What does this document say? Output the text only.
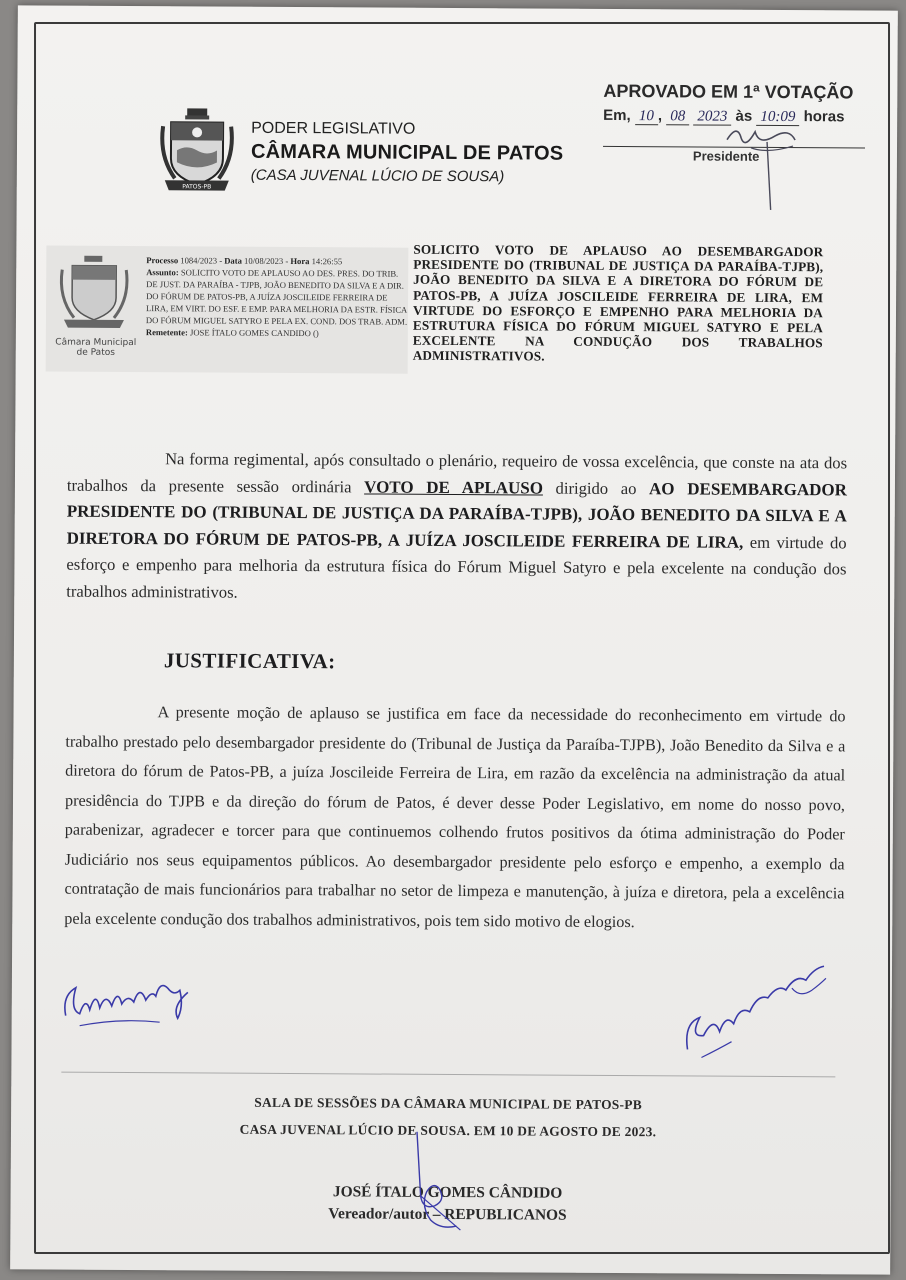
PATOS-PB
PODER LEGISLATIVO
CÂMARA MUNICIPAL DE PATOS
(CASA JUVENAL LÚCIO DE SOUSA)
APROVADO EM 1ª VOTAÇÃO
Em, 10 , 08 2023 às 10:09 horas
Presidente
Câmara Municipal
de Patos
Processo 1084/2023 - Data 10/08/2023 - Hora 14:26:55
Assunto: SOLICITO VOTO DE APLAUSO AO DES. PRES. DO TRIB. DE JUST. DA PARAÍBA - TJPB, JOÃO BENEDITO DA SILVA E A DIR. DO FÓRUM DE PATOS-PB, A JUÍZA JOSCILEIDE FERREIRA DE LIRA, EM VIRT. DO ESF. E EMP. PARA MELHORIA DA ESTR. FÍSICA DO FÓRUM MIGUEL SATYRO E PELA EX. COND. DOS TRAB. ADM.
Remetente: JOSE ÍTALO GOMES CANDIDO ()
SOLICITO VOTO DE APLAUSO AO DESEMBARGADOR PRESIDENTE DO (TRIBUNAL DE JUSTIÇA DA PARAÍBA-TJPB), JOÃO BENEDITO DA SILVA E A DIRETORA DO FÓRUM DE PATOS-PB, A JUÍZA JOSCILEIDE FERREIRA DE LIRA, EM VIRTUDE DO ESFORÇO E EMPENHO PARA MELHORIA DA ESTRUTURA FÍSICA DO FÓRUM MIGUEL SATYRO E PELA EXCELENTE NA CONDUÇÃO DOS TRABALHOS ADMINISTRATIVOS.
Na forma regimental, após consultado o plenário, requeiro de vossa excelência, que conste na ata dos trabalhos da presente sessão ordinária VOTO DE APLAUSO dirigido ao AO DESEMBARGADOR PRESIDENTE DO (TRIBUNAL DE JUSTIÇA DA PARAÍBA-TJPB), JOÃO BENEDITO DA SILVA E A DIRETORA DO FÓRUM DE PATOS-PB, A JUÍZA JOSCILEIDE FERREIRA DE LIRA, em virtude do esforço e empenho para melhoria da estrutura física do Fórum Miguel Satyro e pela excelente na condução dos trabalhos administrativos.
JUSTIFICATIVA:
A presente moção de aplauso se justifica em face da necessidade do reconhecimento em virtude do trabalho prestado pelo desembargador presidente do (Tribunal de Justiça da Paraíba-TJPB), João Benedito da Silva e a diretora do fórum de Patos-PB, a juíza Joscileide Ferreira de Lira, em razão da excelência na administração da atual presidência do TJPB e da direção do fórum de Patos, é dever desse Poder Legislativo, em nome do nosso povo, parabenizar, agradecer e torcer para que continuemos colhendo frutos positivos da ótima administração do Poder Judiciário nos seus equipamentos públicos. Ao desembargador presidente pelo esforço e empenho, a exemplo da contratação de mais funcionários para trabalhar no setor de limpeza e manutenção, à juíza e diretora, pela a excelência pela excelente condução dos trabalhos administrativos, pois tem sido motivo de elogios.
SALA DE SESSÕES DA CÂMARA MUNICIPAL DE PATOS-PB
CASA JUVENAL LÚCIO DE SOUSA. EM 10 DE AGOSTO DE 2023.
JOSÉ ÍTALO GOMES CÂNDIDO
Vereador/autor – REPUBLICANOS
